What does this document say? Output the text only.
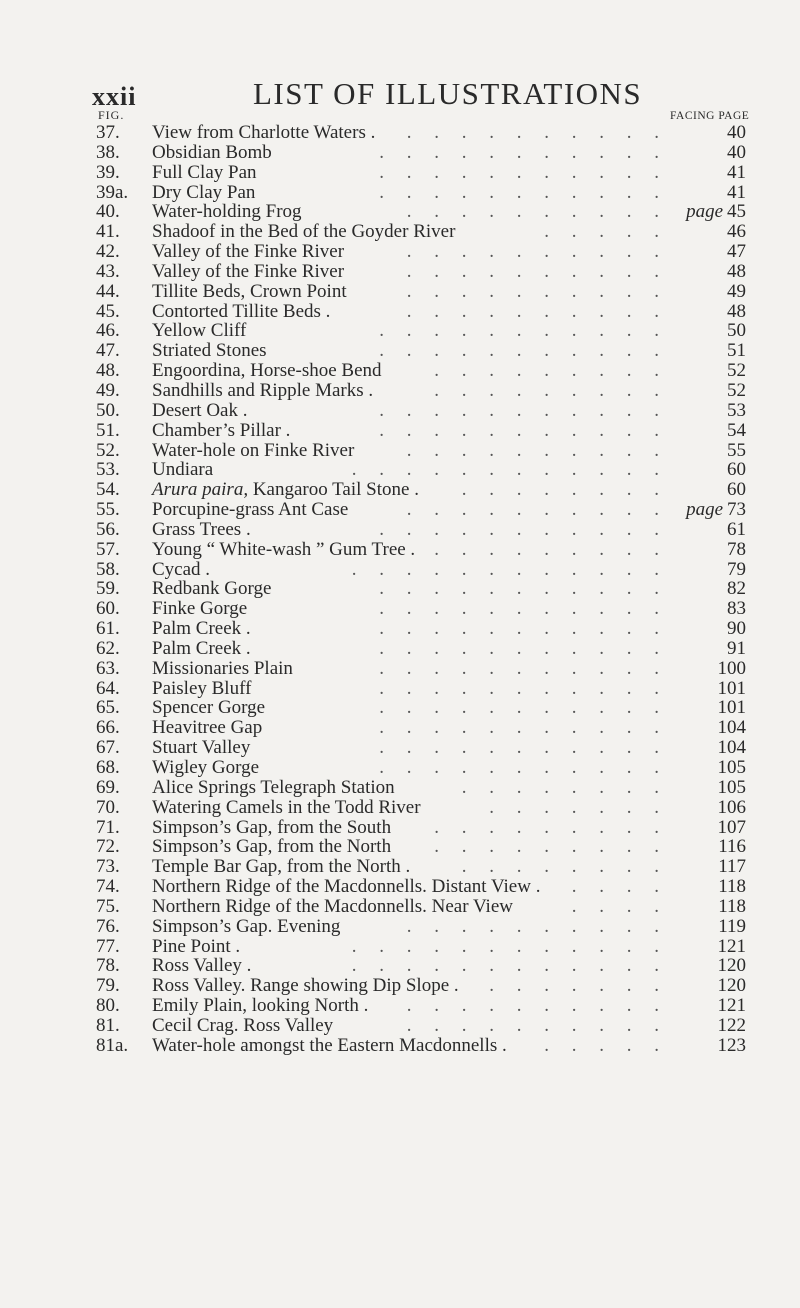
xxii	LIST OF ILLUSTRATIONS
FIG.	FACING PAGE
37. View from Charlotte Waters .	. . . . . . . . . .	40
38. Obsidian Bomb	. . . . . . . . . . .	40
39. Full Clay Pan	. . . . . . . . . . .	41
39a. Dry Clay Pan	. . . . . . . . . . .	41
40. Water-holding Frog	. . . . . . . . . . page 45
41. Shadoof in the Bed of the Goyder River	. . . . .	46
42. Valley of the Finke River	. . . . . . . . . .	47
43. Valley of the Finke River	. . . . . . . . . .	48
44. Tillite Beds, Crown Point	. . . . . . . . . .	49
45. Contorted Tillite Beds .	. . . . . . . . . .	48
46. Yellow Cliff	. . . . . . . . . . .	50
47. Striated Stones	. . . . . . . . . . .	51
48. Engoordina, Horse-shoe Bend	. . . . . . . . .	52
49. Sandhills and Ripple Marks .	. . . . . . . . .	52
50. Desert Oak .	. . . . . . . . . . .	53
51. Chamber’s Pillar .	. . . . . . . . . . .	54
52. Water-hole on Finke River	. . . . . . . . . .	55
53. Undiara	. . . . . . . . . . . .	60
54. Arura paira, Kangaroo Tail Stone .	. . . . . . . .	60
55. Porcupine-grass Ant Case	. . . . . . . . . . page 73
56. Grass Trees .	. . . . . . . . . . .	61
57. Young “ White-wash ” Gum Tree .	. . . . . . . . .	78
58. Cycad .	. . . . . . . . . . . .	79
59. Redbank Gorge	. . . . . . . . . . .	82
60. Finke Gorge	. . . . . . . . . . .	83
61. Palm Creek .	. . . . . . . . . . .	90
62. Palm Creek .	. . . . . . . . . . .	91
63. Missionaries Plain	. . . . . . . . . . .	100
64. Paisley Bluff	. . . . . . . . . . .	101
65. Spencer Gorge	. . . . . . . . . . .	101
66. Heavitree Gap	. . . . . . . . . . .	104
67. Stuart Valley	. . . . . . . . . . .	104
68. Wigley Gorge	. . . . . . . . . . .	105
69. Alice Springs Telegraph Station	. . . . . . . .	105
70. Watering Camels in the Todd River	. . . . . . .	106
71. Simpson’s Gap, from the South	. . . . . . . . .	107
72. Simpson’s Gap, from the North	. . . . . . . . .	116
73. Temple Bar Gap, from the North .	. . . . . . . .	117
74. Northern Ridge of the Macdonnells. Distant View .	. . . .	118
75. Northern Ridge of the Macdonnells. Near View	. . . .	118
76. Simpson’s Gap. Evening	. . . . . . . . . .	119
77. Pine Point .	. . . . . . . . . . . .	121
78. Ross Valley .	. . . . . . . . . . . .	120
79. Ross Valley. Range showing Dip Slope .	. . . . . . .	120
80. Emily Plain, looking North .	. . . . . . . . . .	121
81. Cecil Crag. Ross Valley	. . . . . . . . . .	122
81a. Water-hole amongst the Eastern Macdonnells .	. . . . .	123
